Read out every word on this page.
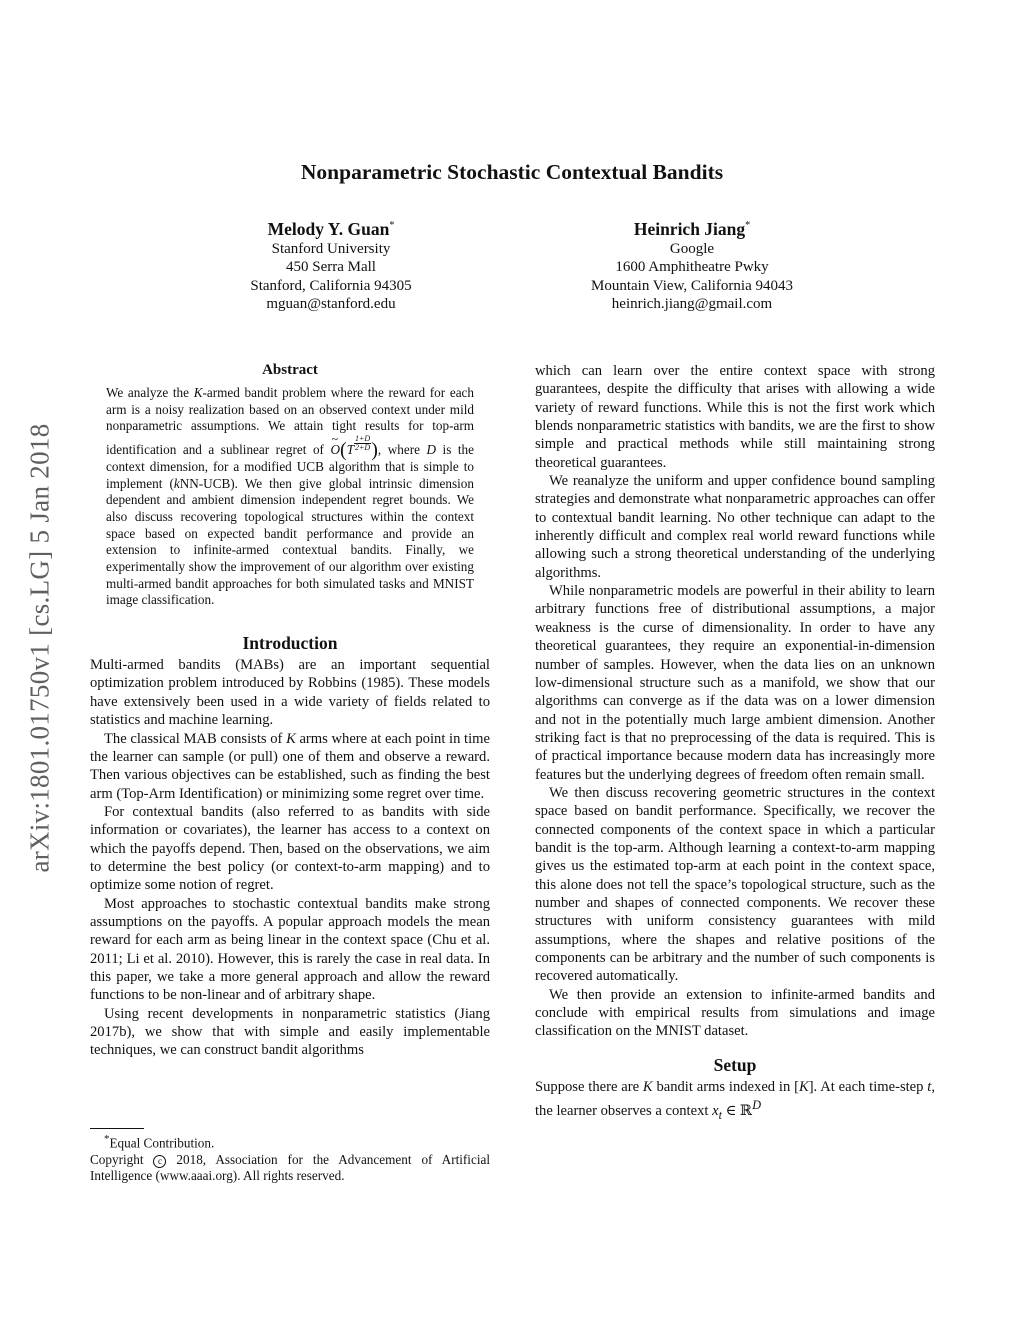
arXiv:1801.01750v1 [cs.LG] 5 Jan 2018
Nonparametric Stochastic Contextual Bandits
Melody Y. Guan*
Stanford University
450 Serra Mall
Stanford, California 94305
mguan@stanford.edu
Heinrich Jiang*
Google
1600 Amphitheatre Pwky
Mountain View, California 94043
heinrich.jiang@gmail.com
Abstract

We analyze the K-armed bandit problem where the reward for each arm is a noisy realization based on an observed context under mild nonparametric assumptions. We attain tight results for top-arm identification and a sublinear regret of ~ $O(T \frac{1+D}{2+D}$ ), where D is the context dimension, for a modified UCB algorithm that is simple to implement (kNN-UCB). We then give global intrinsic dimension dependent and ambient dimension independent regret bounds. We also discuss recovering topological structures within the context space based on expected bandit performance and provide an extension to infinite-armed contextual bandits. Finally, we experimentally show the improvement of our algorithm over existing multi-armed bandit approaches for both simulated tasks and MNIST image classification.

Introduction

Multi-armed bandits (MABs) are an important sequential optimization problem introduced by Robbins (1985). These models have extensively been used in a wide variety of fields related to statistics and machine learning.

The classical MAB consists of K arms where at each point in time the learner can sample (or pull) one of them and observe a reward. Then various objectives can be established, such as finding the best arm (Top-Arm Identification) or minimizing some regret over time.

For contextual bandits (also referred to as bandits with side information or covariates), the learner has access to a context on which the payoffs depend. Then, based on the observations, we aim to determine the best policy (or context-to-arm mapping) and to optimize some notion of regret.

Most approaches to stochastic contextual bandits make strong assumptions on the payoffs. A popular approach models the mean reward for each arm as being linear in the context space (Chu et al. 2011; Li et al. 2010). However, this is rarely the case in real data. In this paper, we take a more general approach and allow the reward functions to be non-linear and of arbitrary shape.

Using recent developments in nonparametric statistics (Jiang 2017b), we show that with simple and easily implementable techniques, we can construct bandit algorithms

*Equal Contribution.

Copyright c 2018, Association for the Advancement of Artificial Intelligence (www.aaai.org). All rights reserved.

which can learn over the entire context space with strong guarantees, despite the difficulty that arises with allowing a wide variety of reward functions. While this is not the first work which blends nonparametric statistics with bandits, we are the first to show simple and practical methods while still maintaining strong theoretical guarantees.

We reanalyze the uniform and upper confidence bound sampling strategies and demonstrate what nonparametric approaches can offer to contextual bandit learning. No other technique can adapt to the inherently difficult and complex real world reward functions while allowing such a strong theoretical understanding of the underlying algorithms.

While nonparametric models are powerful in their ability to learn arbitrary functions free of distributional assumptions, a major weakness is the curse of dimensionality. In order to have any theoretical guarantees, they require an exponential-in-dimension number of samples. However, when the data lies on an unknown low-dimensional structure such as a manifold, we show that our algorithms can converge as if the data was on a lower dimension and not in the potentially much large ambient dimension. Another striking fact is that no preprocessing of the data is required. This is of practical importance because modern data has increasingly more features but the underlying degrees of freedom often remain small.

We then discuss recovering geometric structures in the context space based on bandit performance. Specifically, we recover the connected components of the context space in which a particular bandit is the top-arm. Although learning a context-to-arm mapping gives us the estimated top-arm at each point in the context space, this alone does not tell the space’s topological structure, such as the number and shapes of connected components. We recover these structures with uniform consistency guarantees with mild assumptions, where the shapes and relative positions of the components can be arbitrary and the number of such components is recovered automatically.

We then provide an extension to infinite-armed bandits and conclude with empirical results from simulations and image classification on the MNIST dataset.

Setup

Suppose there are K bandit arms indexed in [K]. At each time-step t, the learner observes a context $x_t$ ∈ ℝ$^D$
